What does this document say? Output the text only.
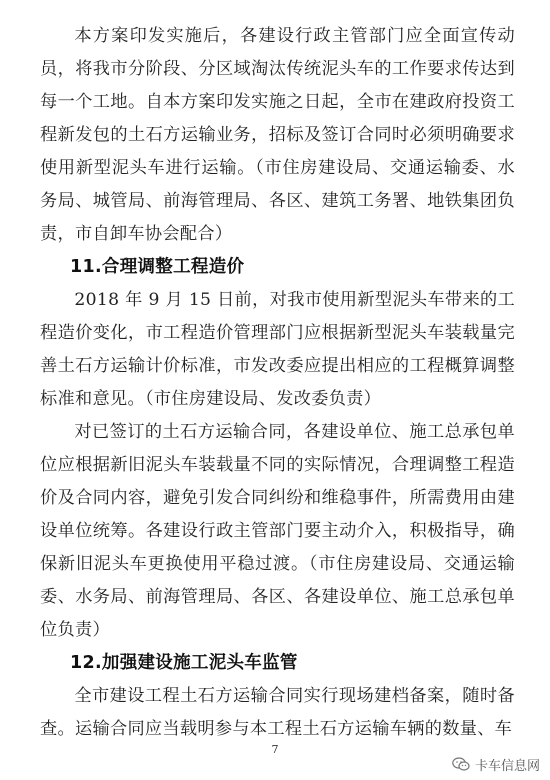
本方案印发实施后，各建设行政主管部门应全面宣传动员，将我市分阶段、分区域淘汰传统泥头车的工作要求传达到每一个工地。自本方案印发实施之日起，全市在建政府投资工程新发包的土石方运输业务，招标及签订合同时必须明确要求使用新型泥头车进行运输。（市住房建设局、交通运输委、水务局、城管局、前海管理局、各区、建筑工务署、地铁集团负责，市自卸车协会配合）

11.合理调整工程造价

2018 年 9 月 15 日前，对我市使用新型泥头车带来的工程造价变化，市工程造价管理部门应根据新型泥头车装载量完善土石方运输计价标准，市发改委应提出相应的工程概算调整标准和意见。（市住房建设局、发改委负责）

对已签订的土石方运输合同，各建设单位、施工总承包单位应根据新旧泥头车装载量不同的实际情况，合理调整工程造价及合同内容，避免引发合同纠纷和维稳事件，所需费用由建设单位统筹。各建设行政主管部门要主动介入，积极指导，确保新旧泥头车更换使用平稳过渡。（市住房建设局、交通运输委、水务局、前海管理局、各区、各建设单位、施工总承包单位负责）

12.加强建设施工泥头车监管

全市建设工程土石方运输合同实行现场建档备案，随时备查。运输合同应当载明参与本工程土石方运输车辆的数量、车

7
卡车信息网
